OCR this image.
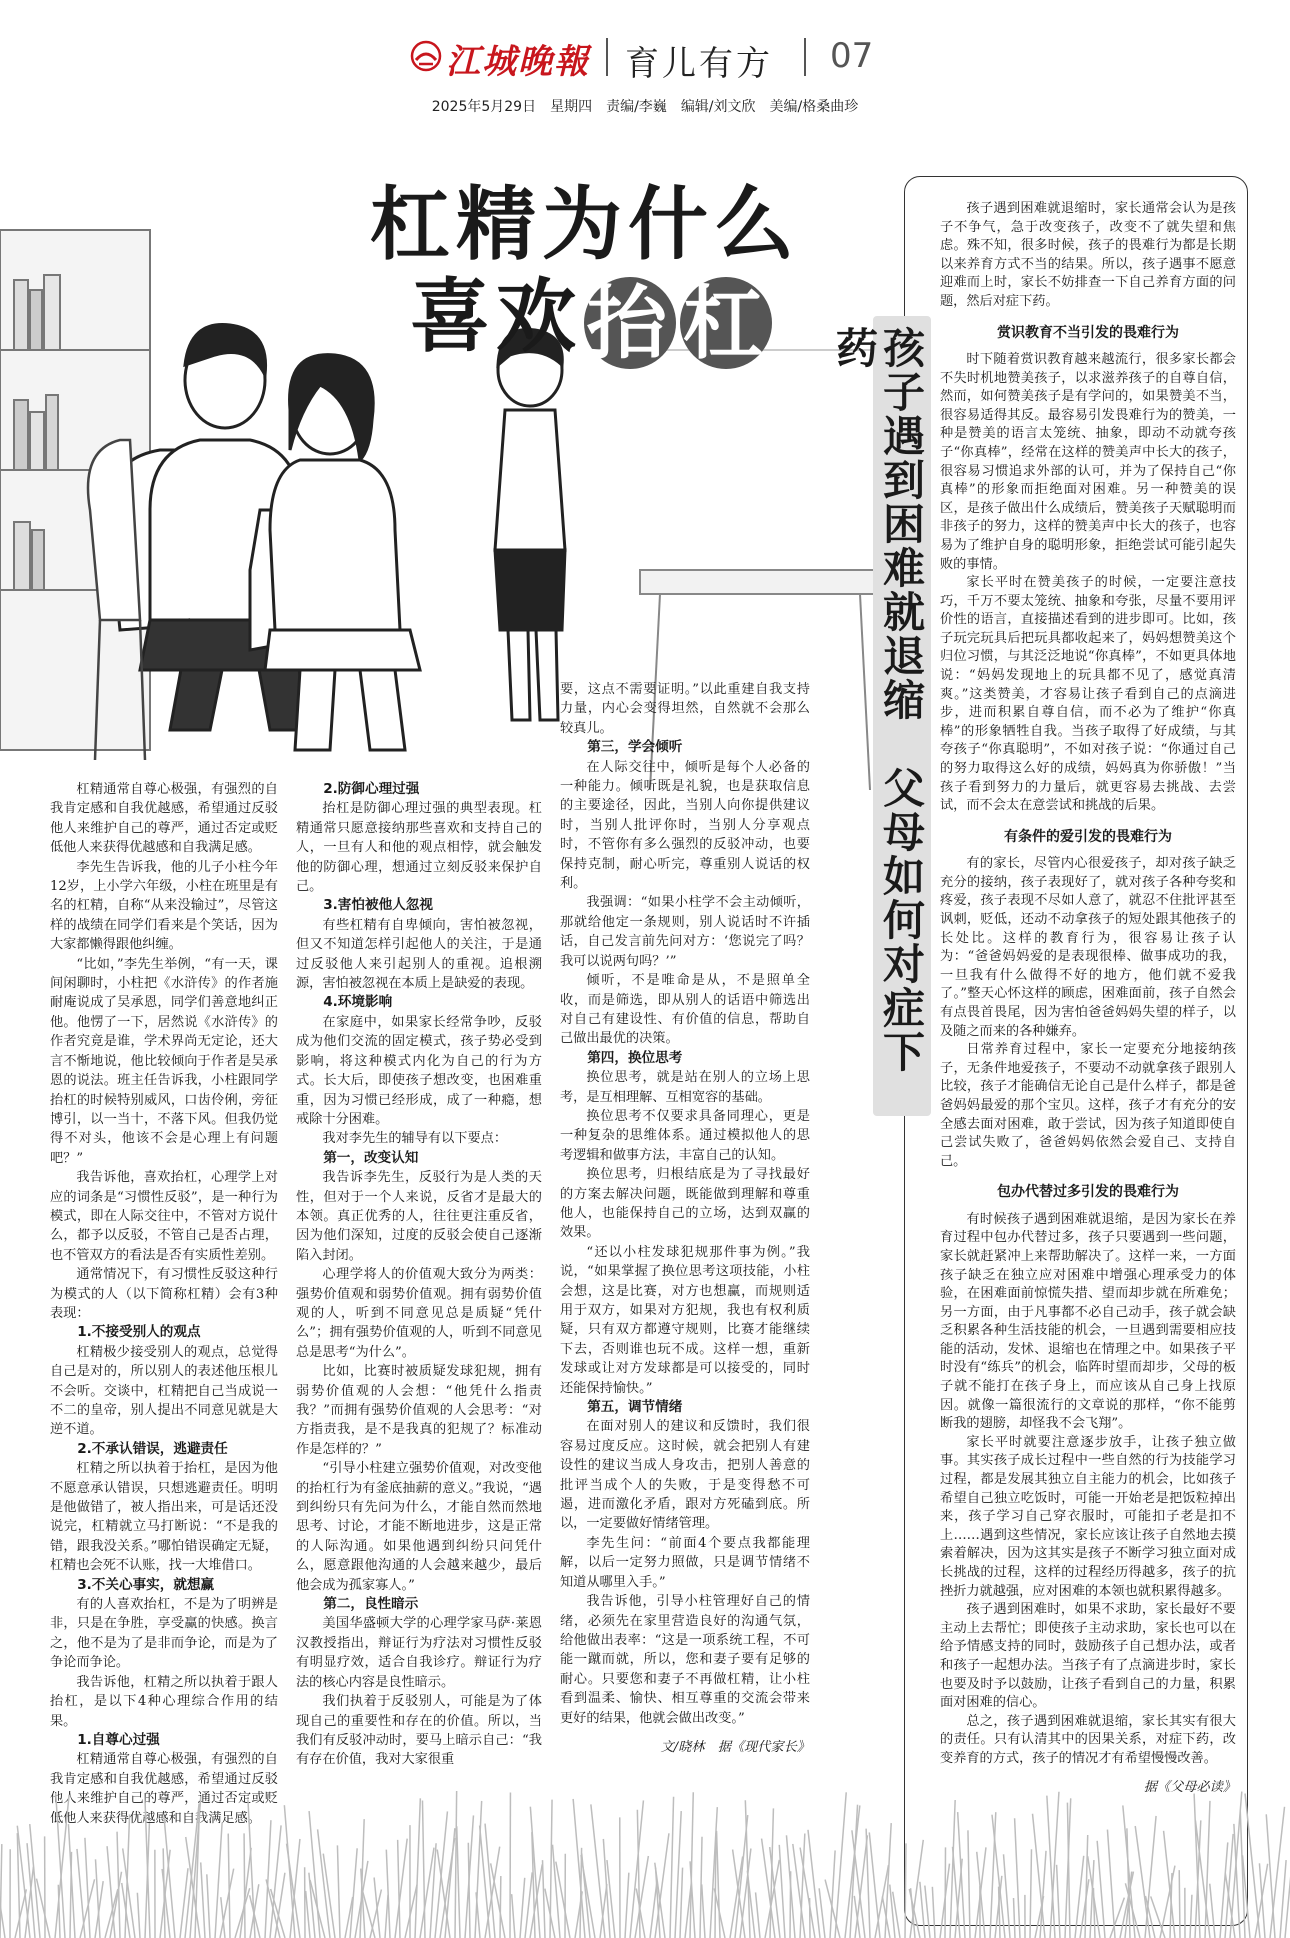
江城晚報 育儿有方 07
2025年5月29日 星期四 责编/李巍 编辑/刘文欣 美编/格桑曲珍
杠精为什么
喜欢抬 杠

杠精通常自尊心极强，有强烈的自我肯定感和自我优越感，希望通过反驳他人来维护自己的尊严，通过否定或贬低他人来获得优越感和自我满足感。

李先生告诉我，他的儿子小柱今年12岁，上小学六年级，小柱在班里是有名的杠精，自称“从来没输过”，尽管这样的战绩在同学们看来是个笑话，因为大家都懒得跟他纠缠。

“比如，”李先生举例，“有一天，课间闲聊时，小柱把《水浒传》的作者施耐庵说成了吴承恩，同学们善意地纠正他。他愣了一下，居然说《水浒传》的作者究竟是谁，学术界尚无定论，还大言不惭地说，他比较倾向于作者是吴承恩的说法。班主任告诉我，小柱跟同学抬杠的时候特别威风，口齿伶俐，旁征博引，以一当十，不落下风。但我仍觉得不对头，他该不会是心理上有问题吧？”

我告诉他，喜欢抬杠，心理学上对应的词条是“习惯性反驳”，是一种行为模式，即在人际交往中，不管对方说什么，都予以反驳，不管自己是否占理，也不管双方的看法是否有实质性差别。

通常情况下，有习惯性反驳这种行为模式的人（以下简称杠精）会有3种表现：

1.不接受别人的观点

杠精极少接受别人的观点，总觉得自己是对的，所以别人的表述他压根儿不会听。交谈中，杠精把自己当成说一不二的皇帝，别人提出不同意见就是大逆不道。

2.不承认错误，逃避责任

杠精之所以执着于抬杠，是因为他不愿意承认错误，只想逃避责任。明明是他做错了，被人指出来，可是话还没说完，杠精就立马打断说：“不是我的错，跟我没关系。”哪怕错误确定无疑，杠精也会死不认账，找一大堆借口。

3.不关心事实，就想赢

有的人喜欢抬杠，不是为了明辨是非，只是在争胜，享受赢的快感。换言之，他不是为了是非而争论，而是为了争论而争论。

我告诉他，杠精之所以执着于跟人抬杠，是以下4种心理综合作用的结果。

1.自尊心过强

杠精通常自尊心极强，有强烈的自我肯定感和自我优越感，希望通过反驳他人来维护自己的尊严，通过否定或贬低他人来获得优越感和自我满足感。

2.防御心理过强

抬杠是防御心理过强的典型表现。杠精通常只愿意接纳那些喜欢和支持自己的人，一旦有人和他的观点相悖，就会触发他的防御心理，想通过立刻反驳来保护自己。

3.害怕被他人忽视

有些杠精有自卑倾向，害怕被忽视，但又不知道怎样引起他人的关注，于是通过反驳他人来引起别人的重视。追根溯源，害怕被忽视在本质上是缺爱的表现。

4.环境影响

在家庭中，如果家长经常争吵，反驳成为他们交流的固定模式，孩子势必受到影响，将这种模式内化为自己的行为方式。长大后，即使孩子想改变，也困难重重，因为习惯已经形成，成了一种瘾，想戒除十分困难。

我对李先生的辅导有以下要点：

第一，改变认知

我告诉李先生，反驳行为是人类的天性，但对于一个人来说，反省才是最大的本领。真正优秀的人，往往更注重反省，因为他们深知，过度的反驳会使自己逐渐陷入封闭。

心理学将人的价值观大致分为两类：强势价值观和弱势价值观。拥有弱势价值观的人，听到不同意见总是质疑“凭什么”；拥有强势价值观的人，听到不同意见总是思考“为什么”。

比如，比赛时被质疑发球犯规，拥有弱势价值观的人会想：“他凭什么指责我？”而拥有强势价值观的人会思考：“对方指责我，是不是我真的犯规了？标准动作是怎样的？”

“引导小柱建立强势价值观，对改变他的抬杠行为有釜底抽薪的意义。”我说，“遇到纠纷只有先问为什么，才能自然而然地思考、讨论，才能不断地进步，这是正常的人际沟通。如果他遇到纠纷只问凭什么，愿意跟他沟通的人会越来越少，最后他会成为孤家寡人。”

第二，良性暗示

美国华盛顿大学的心理学家马萨·莱恩汉教授指出，辩证行为疗法对习惯性反驳有明显疗效，适合自我诊疗。辩证行为疗法的核心内容是良性暗示。

我们执着于反驳别人，可能是为了体现自己的重要性和存在的价值。所以，当我们有反驳冲动时，要马上暗示自己：“我有存在价值，我对大家很重

要，这点不需要证明。”以此重建自我支持力量，内心会变得坦然，自然就不会那么较真儿。

第三，学会倾听

在人际交往中，倾听是每个人必备的一种能力。倾听既是礼貌，也是获取信息的主要途径，因此，当别人向你提供建议时，当别人批评你时，当别人分享观点时，不管你有多么强烈的反驳冲动，也要保持克制，耐心听完，尊重别人说话的权利。

我强调：“如果小柱学不会主动倾听，那就给他定一条规则，别人说话时不许插话，自己发言前先问对方：‘您说完了吗？我可以说两句吗？’”

倾听，不是唯命是从，不是照单全收，而是筛选，即从别人的话语中筛选出对自己有建设性、有价值的信息，帮助自己做出最优的决策。

第四，换位思考

换位思考，就是站在别人的立场上思考，是互相理解、互相宽容的基础。

换位思考不仅要求具备同理心，更是一种复杂的思维体系。通过模拟他人的思考逻辑和做事方法，丰富自己的认知。

换位思考，归根结底是为了寻找最好的方案去解决问题，既能做到理解和尊重他人，也能保持自己的立场，达到双赢的效果。

“还以小柱发球犯规那件事为例。”我说，“如果掌握了换位思考这项技能，小柱会想，这是比赛，对方也想赢，而规则适用于双方，如果对方犯规，我也有权利质疑，只有双方都遵守规则，比赛才能继续下去，否则谁也玩不成。这样一想，重新发球或让对方发球都是可以接受的，同时还能保持愉快。”

第五，调节情绪

在面对别人的建议和反馈时，我们很容易过度反应。这时候，就会把别人有建设性的建议当成人身攻击，把别人善意的批评当成个人的失败，于是变得愁不可遏，进而激化矛盾，跟对方死磕到底。所以，一定要做好情绪管理。

李先生问：“前面4个要点我都能理解，以后一定努力照做，只是调节情绪不知道从哪里入手。”

我告诉他，引导小柱管理好自己的情绪，必须先在家里营造良好的沟通气氛，给他做出表率：“这是一项系统工程，不可能一蹴而就，所以，您和妻子要有足够的耐心。只要您和妻子不再做杠精，让小柱看到温柔、愉快、相互尊重的交流会带来更好的结果，他就会做出改变。”

文/晓林　据《现代家长》

孩子遇到困难就退缩　父母如何对症下药

孩子遇到困难就退缩时，家长通常会认为是孩子不争气，急于改变孩子，改变不了就失望和焦虑。殊不知，很多时候，孩子的畏难行为都是长期以来养育方式不当的结果。所以，孩子遇事不愿意迎难而上时，家长不妨排查一下自己养育方面的问题，然后对症下药。

赏识教育不当引发的畏难行为

时下随着赏识教育越来越流行，很多家长都会不失时机地赞美孩子，以求滋养孩子的自尊自信，然而，如何赞美孩子是有学问的，如果赞美不当，很容易适得其反。最容易引发畏难行为的赞美，一种是赞美的语言太笼统、抽象，即动不动就夸孩子“你真棒”，经常在这样的赞美声中长大的孩子，很容易习惯追求外部的认可，并为了保持自己“你真棒”的形象而拒绝面对困难。另一种赞美的误区，是孩子做出什么成绩后，赞美孩子天赋聪明而非孩子的努力，这样的赞美声中长大的孩子，也容易为了维护自身的聪明形象，拒绝尝试可能引起失败的事情。

家长平时在赞美孩子的时候，一定要注意技巧，千万不要太笼统、抽象和夸张，尽量不要用评价性的语言，直接描述看到的进步即可。比如，孩子玩完玩具后把玩具都收起来了，妈妈想赞美这个归位习惯，与其泛泛地说“你真棒”，不如更具体地说：“妈妈发现地上的玩具都不见了，感觉真清爽。”这类赞美，才容易让孩子看到自己的点滴进步，进而积累自尊自信，而不必为了维护“你真棒”的形象牺牲自我。当孩子取得了好成绩，与其夸孩子“你真聪明”，不如对孩子说：“你通过自己的努力取得这么好的成绩，妈妈真为你骄傲！”当孩子看到努力的力量后，就更容易去挑战、去尝试，而不会太在意尝试和挑战的后果。

有条件的爱引发的畏难行为

有的家长，尽管内心很爱孩子，却对孩子缺乏充分的接纳，孩子表现好了，就对孩子各种夸奖和疼爱，孩子表现不尽如人意了，就忍不住批评甚至讽刺，贬低，还动不动拿孩子的短处跟其他孩子的长处比。这样的教育行为，很容易让孩子认为：“爸爸妈妈爱的是表现很棒、做事成功的我，一旦我有什么做得不好的地方，他们就不爱我了。”整天心怀这样的顾虑，困难面前，孩子自然会有点畏首畏尾，因为害怕爸爸妈妈失望的样子，以及随之而来的各种嫌弃。

日常养育过程中，家长一定要充分地接纳孩子，无条件地爱孩子，不要动不动就拿孩子跟别人比较，孩子才能确信无论自己是什么样子，都是爸爸妈妈最爱的那个宝贝。这样，孩子才有充分的安全感去面对困难，敢于尝试，因为孩子知道即使自己尝试失败了，爸爸妈妈依然会爱自己、支持自己。

包办代替过多引发的畏难行为

有时候孩子遇到困难就退缩，是因为家长在养育过程中包办代替过多，孩子只要遇到一些问题，家长就赶紧冲上来帮助解决了。这样一来，一方面孩子缺乏在独立应对困难中增强心理承受力的体验，在困难面前惊慌失措、望而却步就在所难免；另一方面，由于凡事都不必自己动手，孩子就会缺乏积累各种生活技能的机会，一旦遇到需要相应技能的活动，发怵、退缩也在情理之中。如果孩子平时没有“练兵”的机会，临阵时望而却步，父母的板子就不能打在孩子身上，而应该从自己身上找原因。就像一篇很流行的文章说的那样，“你不能剪断我的翅膀，却怪我不会飞翔”。

家长平时就要注意逐步放手，让孩子独立做事。其实孩子成长过程中一些自然的行为技能学习过程，都是发展其独立自主能力的机会，比如孩子希望自己独立吃饭时，可能一开始老是把饭粒掉出来，孩子学习自己穿衣服时，可能扣子老是扣不上……遇到这些情况，家长应该让孩子自然地去摸索着解决，因为这其实是孩子不断学习独立面对成长挑战的过程，这样的过程经历得越多，孩子的抗挫折力就越强，应对困难的本领也就积累得越多。

孩子遇到困难时，如果不求助，家长最好不要主动上去帮忙；即使孩子主动求助，家长也可以在给予情感支持的同时，鼓励孩子自己想办法，或者和孩子一起想办法。当孩子有了点滴进步时，家长也要及时予以鼓励，让孩子看到自己的力量，积累面对困难的信心。

总之，孩子遇到困难就退缩，家长其实有很大的责任。只有认清其中的因果关系，对症下药，改变养育的方式，孩子的情况才有希望慢慢改善。

据《父母必读》
